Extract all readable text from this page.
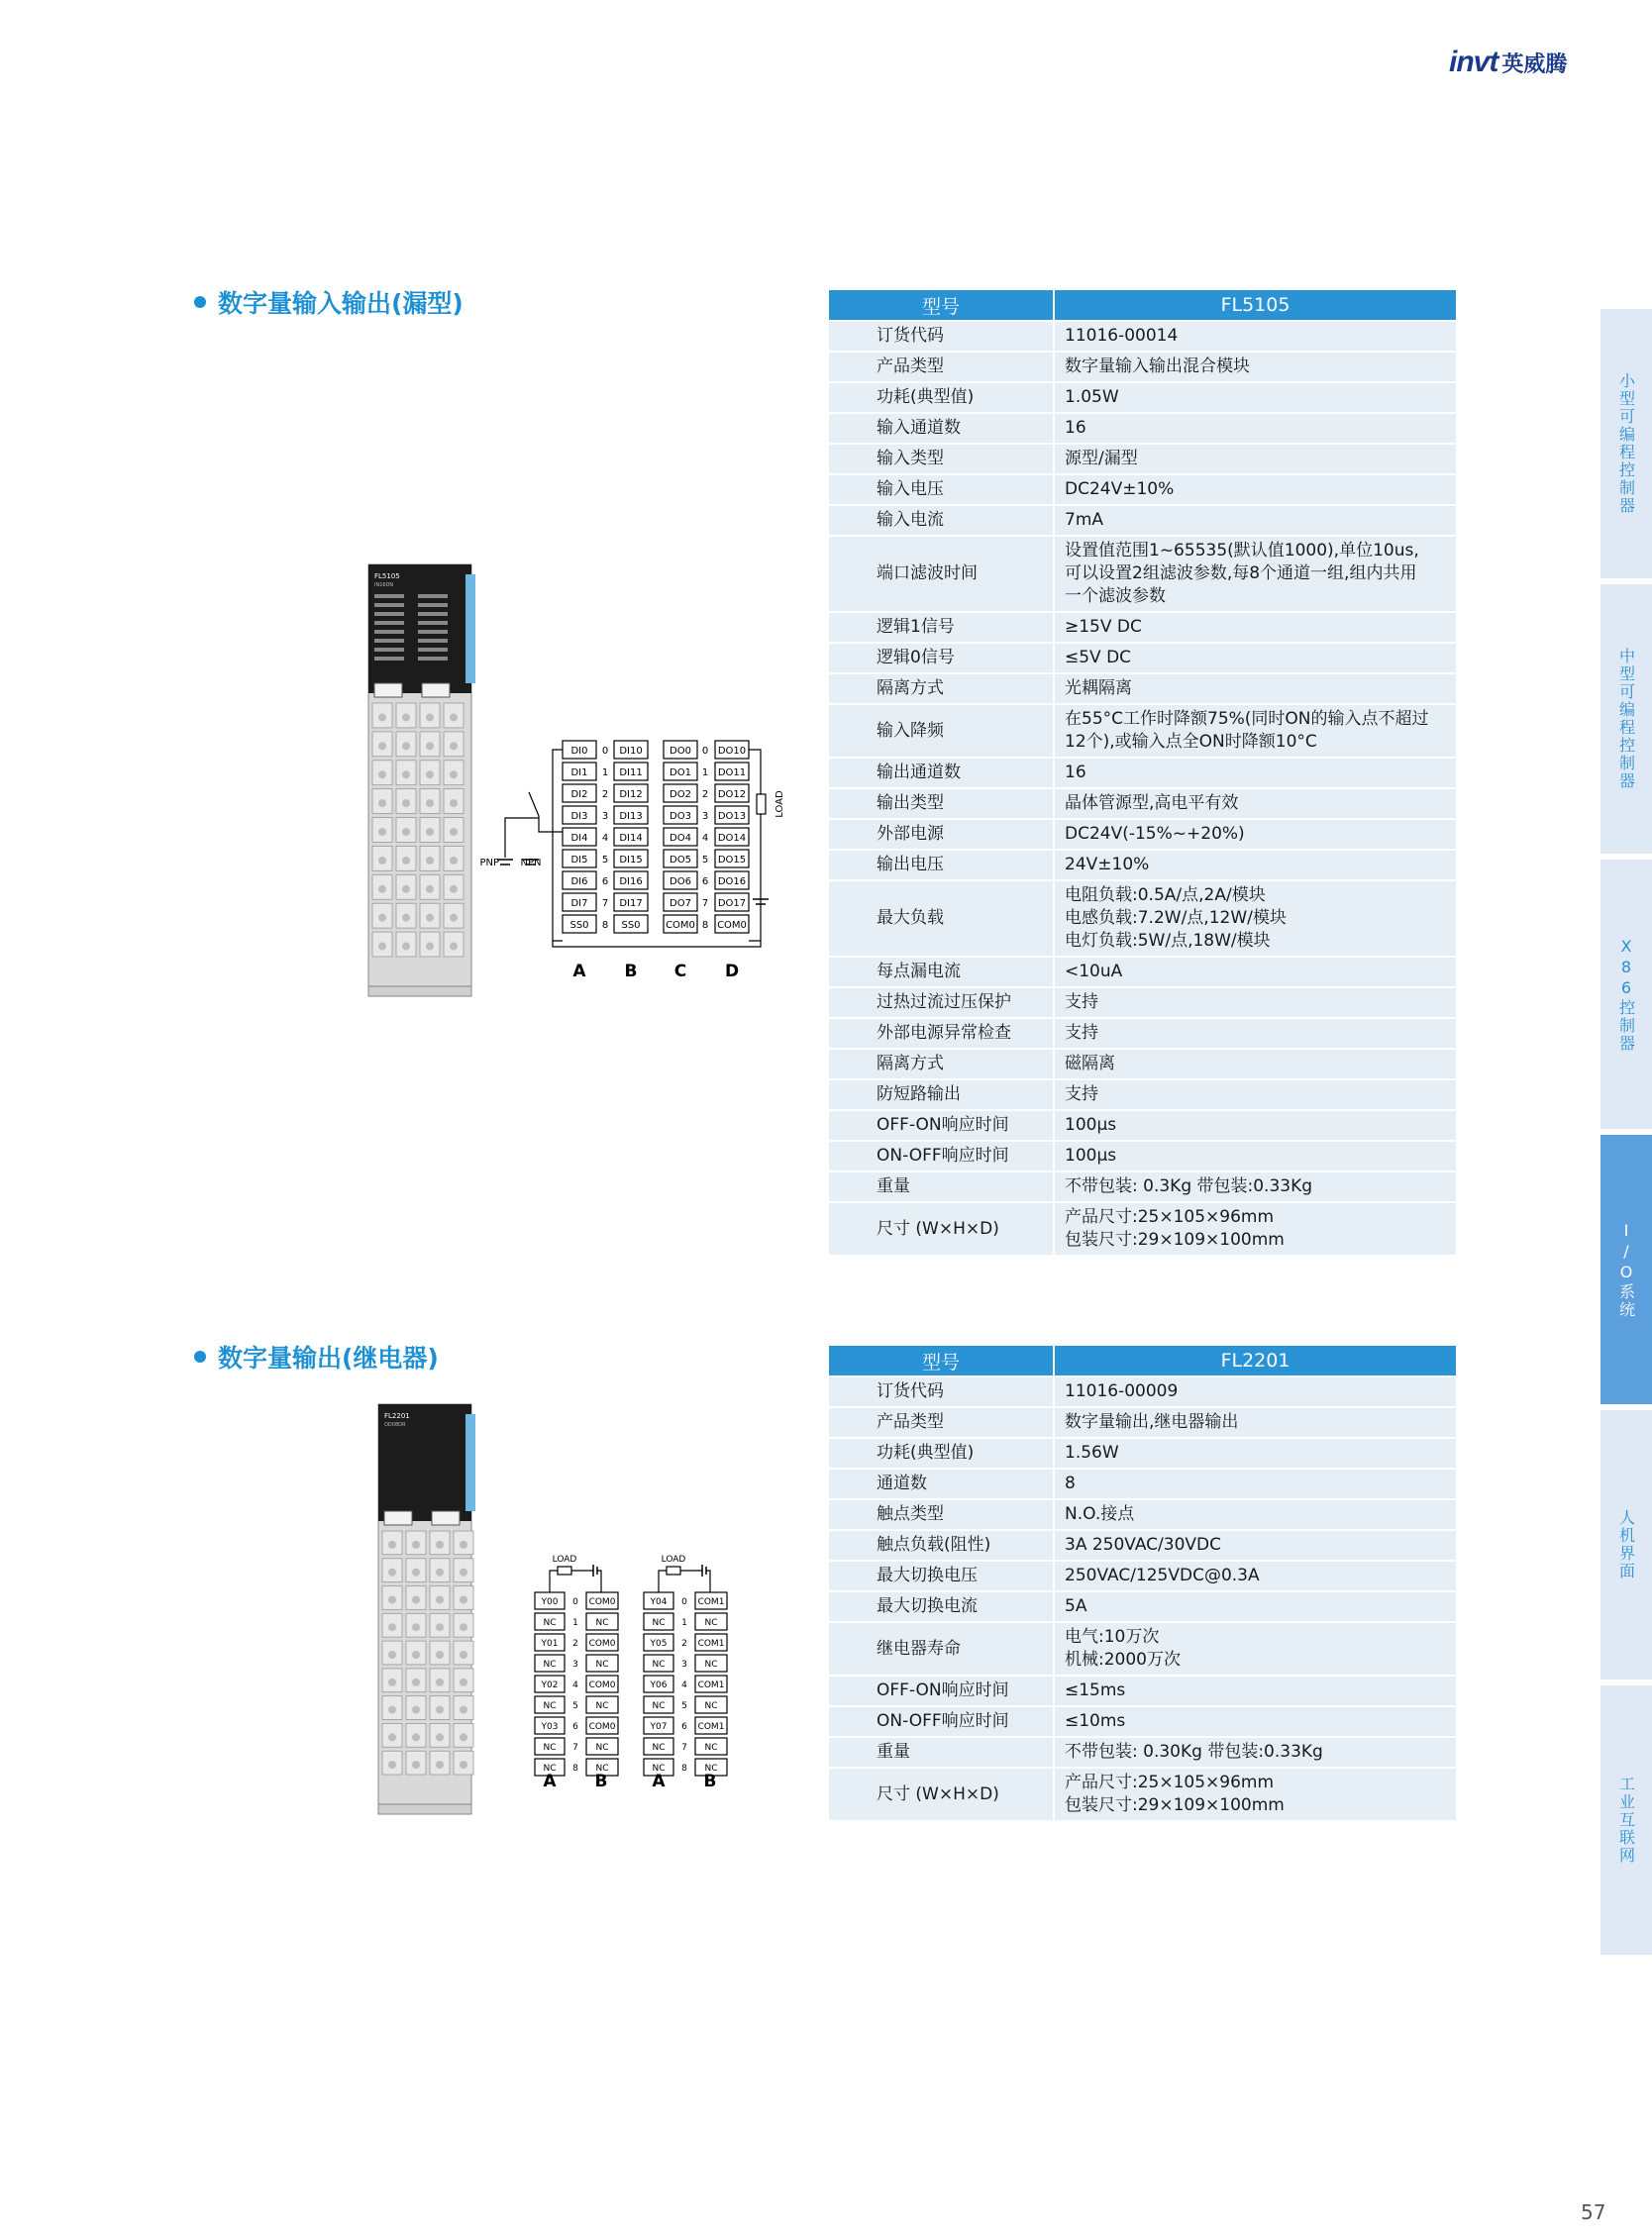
invt 英威腾
数字量输入输出(漏型)	型号	FL5105
订货代码	11016-00014
产品类型	数字量输入输出混合模块
功耗(典型值)	1.05W
输入通道数	16
输入类型	源型/漏型
输入电压	DC24V±10%
输入电流	7mA
端口滤波时间	设置值范围1~65535(默认值1000),单位10us,
可以设置2组滤波参数,每8个通道一组,组内共用
一个滤波参数
逻辑1信号	≥15V DC
逻辑0信号	≤5V DC
隔离方式	光耦隔离
输入降频	在55°C工作时降额75%(同时ON的输入点不超过
12个),或输入点全ON时降额10°C
输出通道数	16
输出类型	晶体管源型,高电平有效
外部电源	DC24V(-15%~+20%)
输出电压	24V±10%
最大负载	电阻负载:0.5A/点,2A/模块
电感负载:7.2W/点,12W/模块
电灯负载:5W/点,18W/模块
每点漏电流	<10uA
过热过流过压保护	支持
外部电源异常检查	支持
隔离方式	磁隔离
防短路输出	支持
OFF-ON响应时间	100μs
ON-OFF响应时间	100μs
重量	不带包装: 0.3Kg 带包装:0.33Kg
尺寸 (W×H×D)	产品尺寸:25×105×96mm
包装尺寸:29×109×100mm
FL5105
IN16DN
DI0
DI1
DI2
DI3
DI4
DI5
DI6
DI7
SS0
DI10
DI11
DI12
DI13
DI14
DI15
DI16
DI17
SS0
DO0
DO1
DO2
DO3
DO4
DO5
DO6
DO7
COM0
DO10
DO11
DO12
DO13
DO14
DO15
DO16
DO17
COM0
0	0
1	1
2	2
3	3
4	4
5	5
6	6
7	7
8	8
A B C D
PNP NPN
LOAD
数字量输出(继电器)	型号	FL2201
订货代码	11016-00009
产品类型	数字量输出,继电器输出
功耗(典型值)	1.56W
通道数	8
触点类型	N.O.接点
触点负载(阻性)	3A 250VAC/30VDC
最大切换电压	250VAC/125VDC@0.3A
最大切换电流	5A
继电器寿命	电气:10万次
机械:2000万次
OFF-ON响应时间	≤15ms
ON-OFF响应时间	≤10ms
重量	不带包装: 0.30Kg 带包装:0.33Kg
尺寸 (W×H×D)	产品尺寸:25×105×96mm
包装尺寸:29×109×100mm
FL2201
OD08DR
Y00
NC
Y01
NC
Y02
NC
Y03
NC
NC
COM0
NC
COM0
NC
COM0
NC
COM0
NC
NC
0
1
2
3
4
5
6
7
8
LOAD
Y04
NC
Y05
NC
Y06
NC
Y07
NC
NC
COM1
NC
COM1
NC
COM1
NC
COM1
NC
NC
0
1
2
3
4
5
6
7
8
LOAD
A B	A B
小型可编程控制器
中型可编程控制器
X86控制器
I/O系统
人机界面
工业互联网
57
